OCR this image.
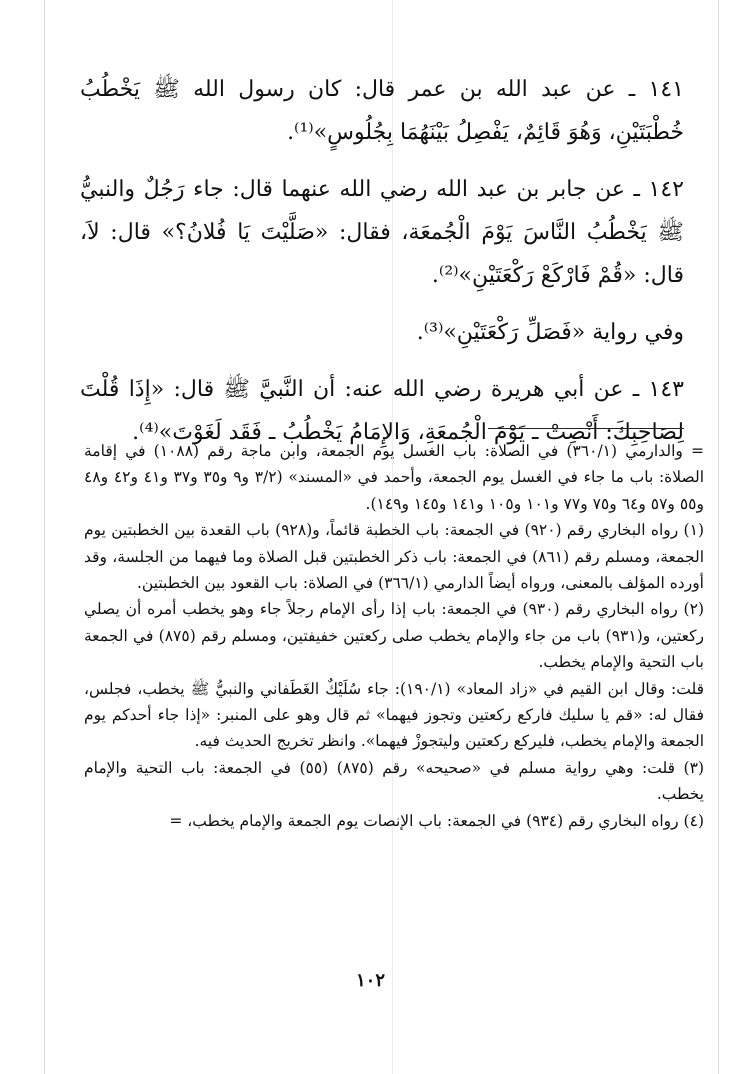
١٤١ ـ عن عبد الله بن عمر قال: كان رسول الله ﷺ يَخْطُبُ خُطْبَتَيْنِ، وَهُوَ قَائِمٌ، يَفْصِلُ بَيْنَهُمَا بِجُلُوسٍ»⁽¹⁾.

١٤٢ ـ عن جابر بن عبد الله رضي الله عنهما قال: جاء رَجُلٌ والنبيُّ ﷺ يَخْطُبُ النَّاسَ يَوْمَ الْجُمعَة، فقال: «صَلَّيْتَ يَا فُلانُ؟» قال: لاَ، قال: «قُمْ فَارْكَعْ رَكْعَتَيْنِ»⁽²⁾.

وفي رواية «فَصَلِّ رَكْعَتَيْنِ»⁽³⁾.

١٤٣ ـ عن أبي هريرة رضي الله عنه: أن النَّبيَّ ﷺ قال: «إِذَا قُلْتَ لِصَاحِبِكَ: أَنْصِتْ ـ يَوْمَ الْجُمعَةِ، وَالإِمَامُ يَخْطُبُ ـ فَقَد لَغَوْتَ»⁽⁴⁾.

= والدارمي (٣٦٠/١) في الصلاة: باب الغسل يوم الجمعة، وابن ماجة رقم (١٠٨٨) في إقامة الصلاة: باب ما جاء في الغسل يوم الجمعة، وأحمد في «المسند» (٣/٢ و٩ و٣٥ و٣٧ و٤١ و٤٢ و٤٨ و٥٥ و٥٧ و٦٤ و٧٥ و٧٧ و١٠١ و١٠٥ و١٤١ و١٤٥ و١٤٩).

(١) رواه البخاري رقم (٩٢٠) في الجمعة: باب الخطبة قائماً، و(٩٢٨) باب القعدة بين الخطبتين يوم الجمعة، ومسلم رقم (٨٦١) في الجمعة: باب ذكر الخطبتين قبل الصلاة وما فيهما من الجلسة، وقد أورده المؤلف بالمعنى، ورواه أيضاً الدارمي (٣٦٦/١) في الصلاة: باب القعود بين الخطبتين.

(٢) رواه البخاري رقم (٩٣٠) في الجمعة: باب إذا رأى الإمام رجلاً جاء وهو يخطب أمره أن يصلي ركعتين، و(٩٣١) باب من جاء والإمام يخطب صلى ركعتين خفيفتين، ومسلم رقم (٨٧٥) في الجمعة باب التحية والإمام يخطب.

قلت: وقال ابن القيم في «زاد المعاد» (١٩٠/١): جاء سُلَيْكٌ الغَطَفاني والنبيُّ ﷺ يخطب، فجلس، فقال له: «قم يا سليك فاركع ركعتين وتجوز فيهما» ثم قال وهو على المنبر: «إذا جاء أحدكم يوم الجمعة والإمام يخطب، فليركع ركعتين وليتجوزْ فيهما». وانظر تخريج الحديث فيه.

(٣) قلت: وهي رواية مسلم في «صحيحه» رقم (٨٧٥) (٥٥) في الجمعة: باب التحية والإمام يخطب.

(٤) رواه البخاري رقم (٩٣٤) في الجمعة: باب الإنصات يوم الجمعة والإمام يخطب، =

١٠٢
